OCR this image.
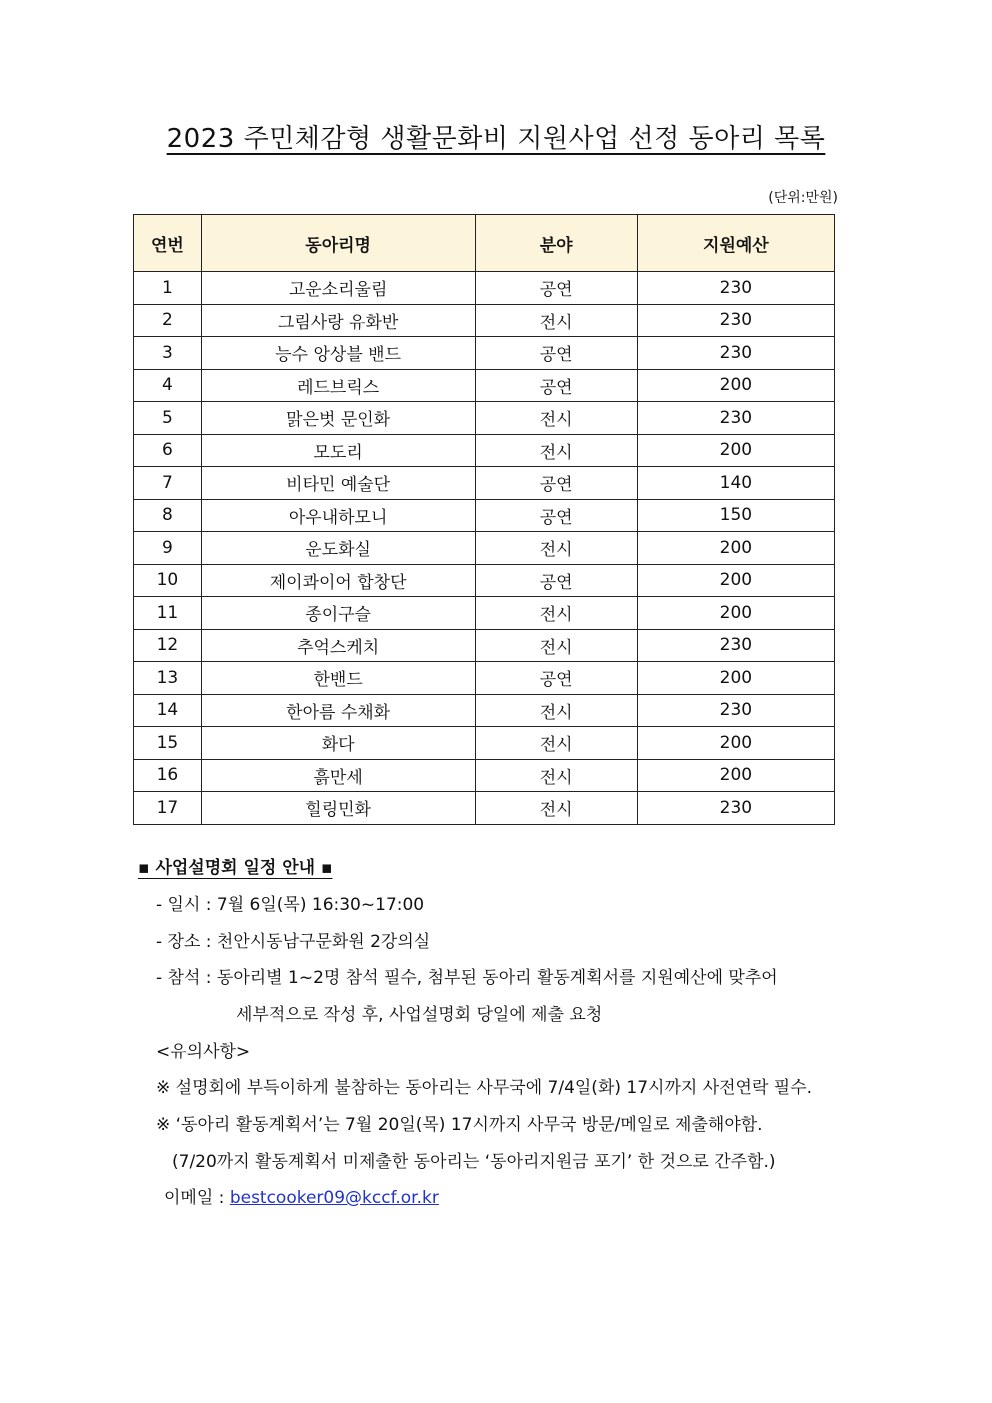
2023 주민체감형 생활문화비 지원사업 선정 동아리 목록
(단위:만원)
연번	동아리명	분야	지원예산
1	고운소리울림	공연	230
2	그림사랑 유화반	전시	230
3	능수 앙상블 밴드	공연	230
4	레드브릭스	공연	200
5	맑은벗 문인화	전시	230
6	모도리	전시	200
7	비타민 예술단	공연	140
8	아우내하모니	공연	150
9	운도화실	전시	200
10	제이콰이어 합창단	공연	200
11	종이구슬	전시	200
12	추억스케치	전시	230
13	한밴드	공연	200
14	한아름 수채화	전시	230
15	화다	전시	200
16	흙만세	전시	200
17	힐링민화	전시	230
▪ 사업설명회 일정 안내 ▪
- 일시 : 7월 6일(목) 16:30~17:00
- 장소 : 천안시동남구문화원 2강의실
- 참석 : 동아리별 1~2명 참석 필수, 첨부된 동아리 활동계획서를 지원예산에 맞추어
세부적으로 작성 후, 사업설명회 당일에 제출 요청
<유의사항>
※ 설명회에 부득이하게 불참하는 동아리는 사무국에 7/4일(화) 17시까지 사전연락 필수.
※ ‘동아리 활동계획서’는 7월 20일(목) 17시까지 사무국 방문/메일로 제출해야함.
(7/20까지 활동계획서 미제출한 동아리는 ‘동아리지원금 포기’ 한 것으로 간주함.)
이메일 : bestcooker09@kccf.or.kr
